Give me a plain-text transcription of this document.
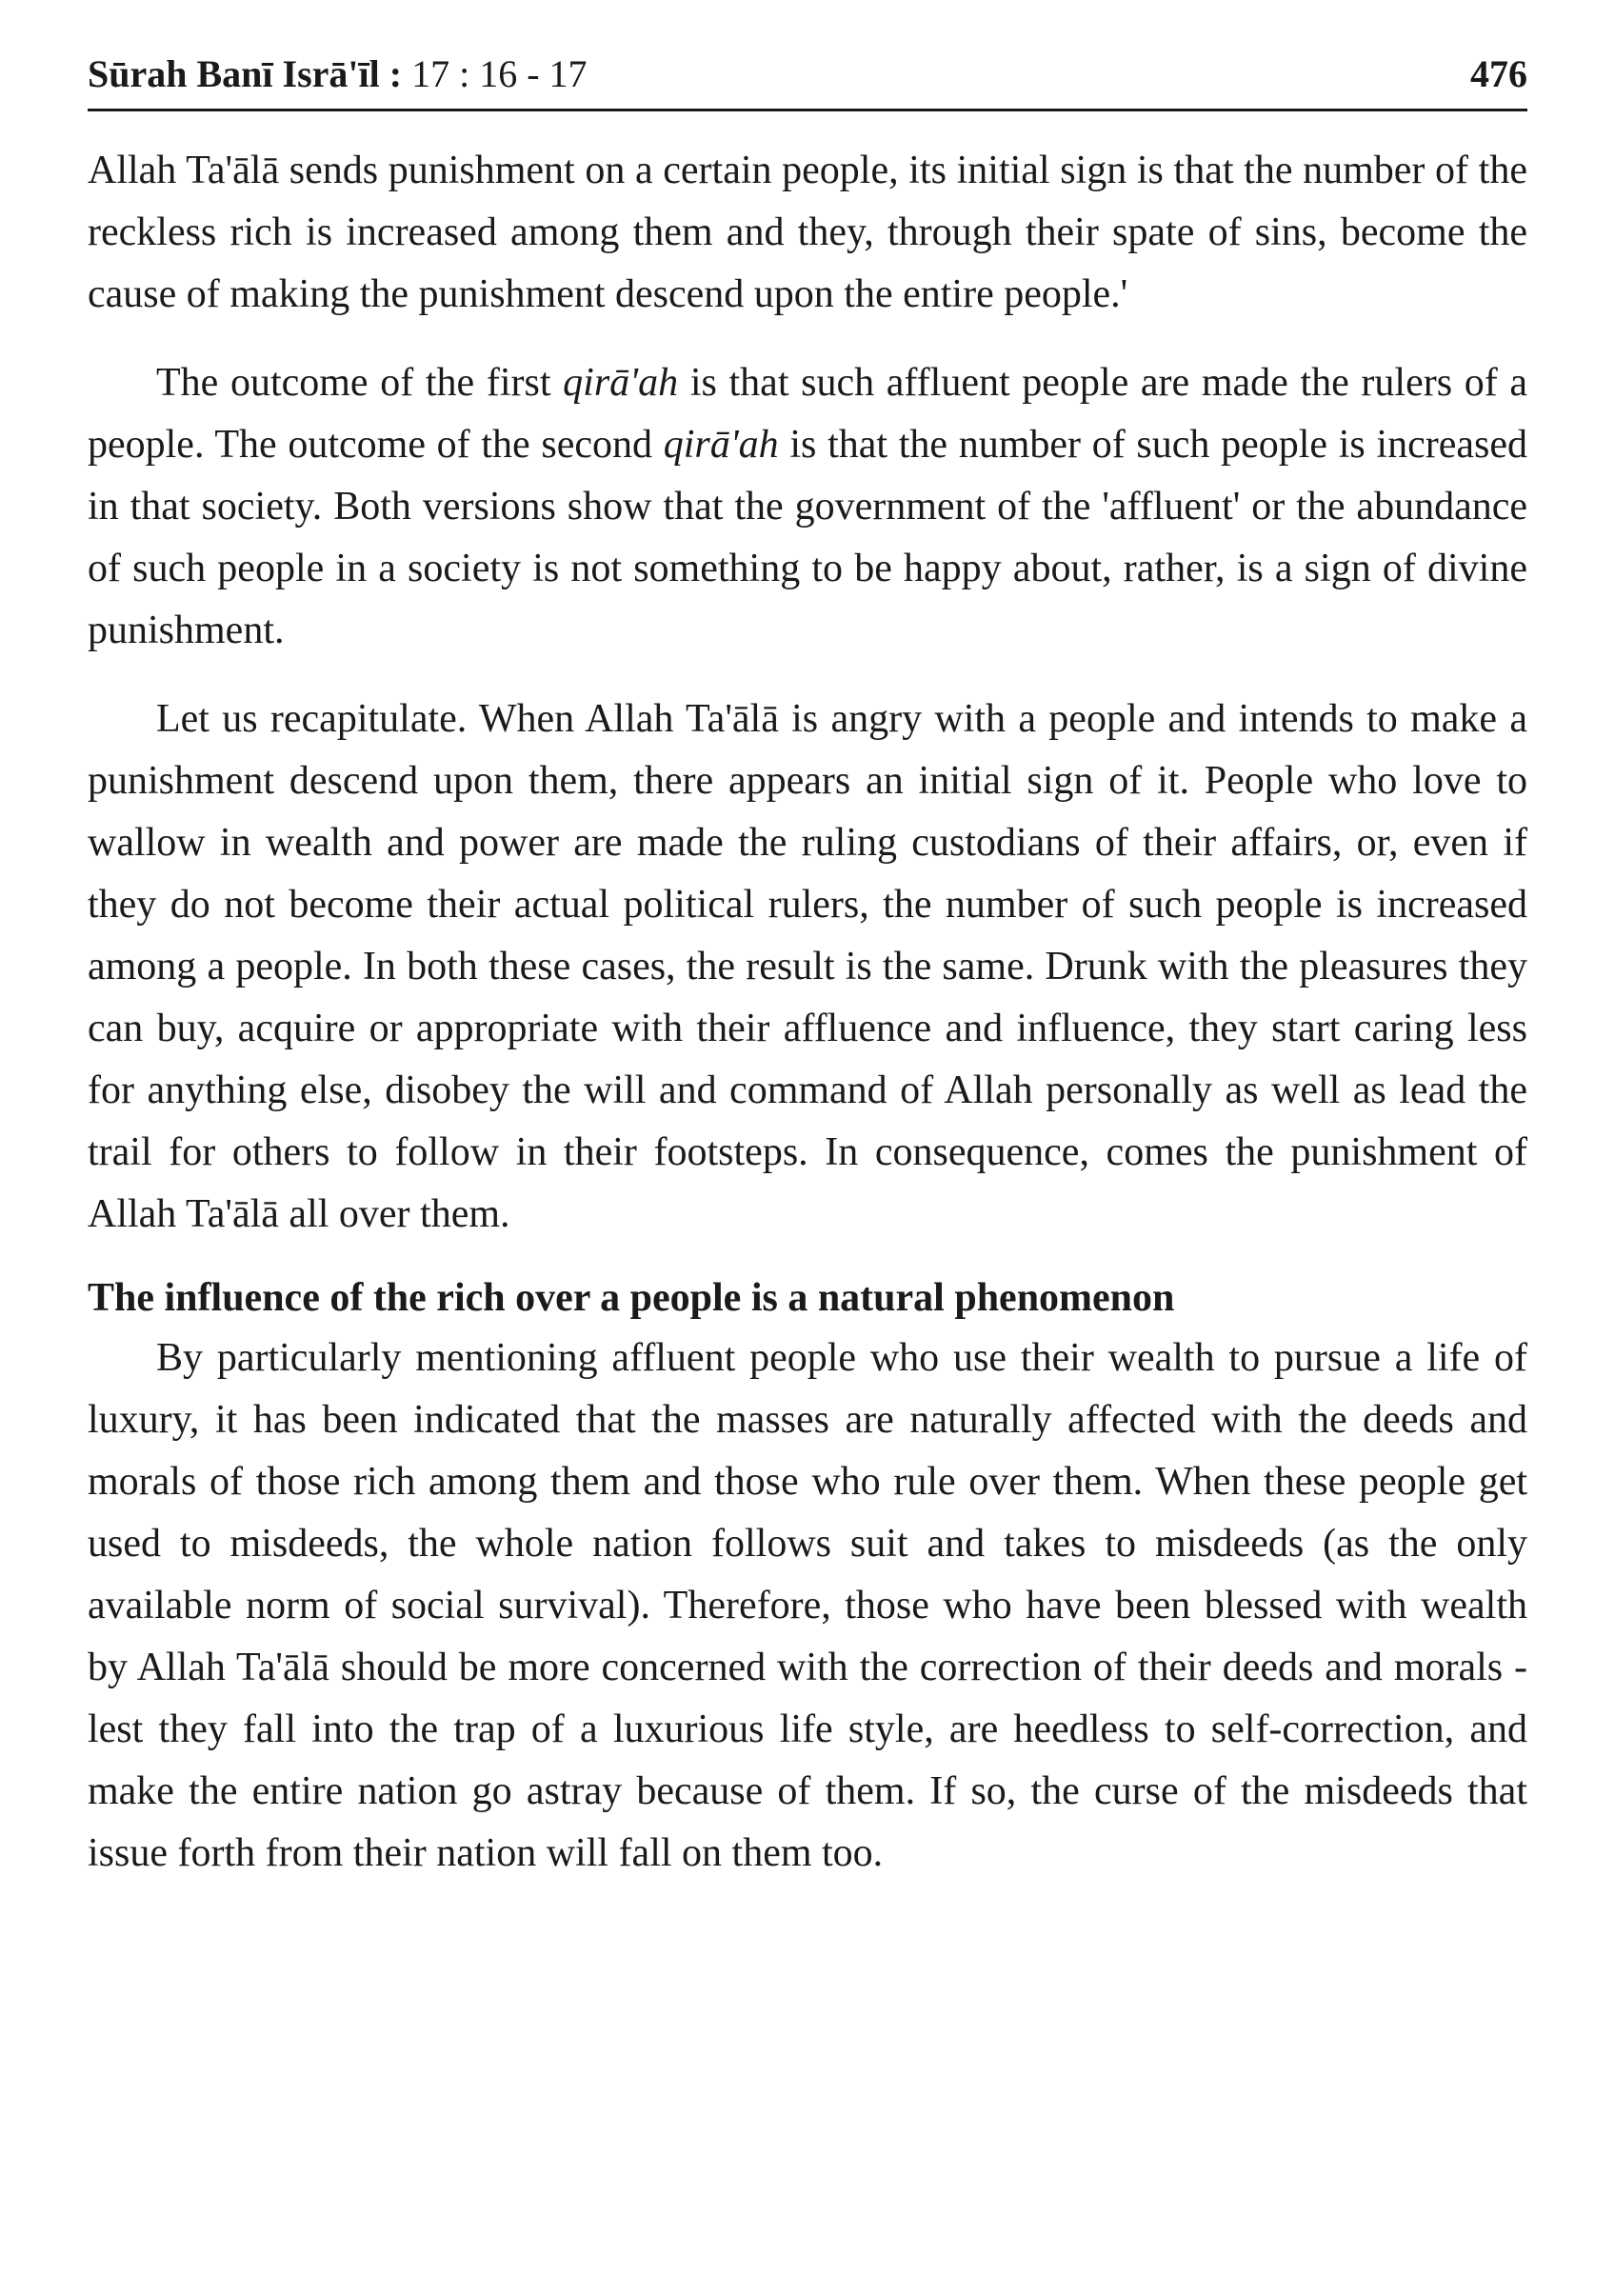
Sūrah Banī Isrā'īl : 17 : 16 - 17	476

Allah Ta'ālā sends punishment on a certain people, its initial sign is that the number of the reckless rich is increased among them and they, through their spate of sins, become the cause of making the punishment descend upon the entire people.'

The outcome of the first qirā'ah is that such affluent people are made the rulers of a people. The outcome of the second qirā'ah is that the number of such people is increased in that society. Both versions show that the government of the 'affluent' or the abundance of such people in a society is not something to be happy about, rather, is a sign of divine punishment.

Let us recapitulate. When Allah Ta'ālā is angry with a people and intends to make a punishment descend upon them, there appears an initial sign of it. People who love to wallow in wealth and power are made the ruling custodians of their affairs, or, even if they do not become their actual political rulers, the number of such people is increased among a people. In both these cases, the result is the same. Drunk with the pleasures they can buy, acquire or appropriate with their affluence and influence, they start caring less for anything else, disobey the will and command of Allah personally as well as lead the trail for others to follow in their footsteps. In consequence, comes the punishment of Allah Ta'ālā all over them.

The influence of the rich over a people is a natural phenomenon

By particularly mentioning affluent people who use their wealth to pursue a life of luxury, it has been indicated that the masses are naturally affected with the deeds and morals of those rich among them and those who rule over them. When these people get used to misdeeds, the whole nation follows suit and takes to misdeeds (as the only available norm of social survival). Therefore, those who have been blessed with wealth by Allah Ta'ālā should be more concerned with the correction of their deeds and morals - lest they fall into the trap of a luxurious life style, are heedless to self-correction, and make the entire nation go astray because of them. If so, the curse of the misdeeds that issue forth from their nation will fall on them too.
